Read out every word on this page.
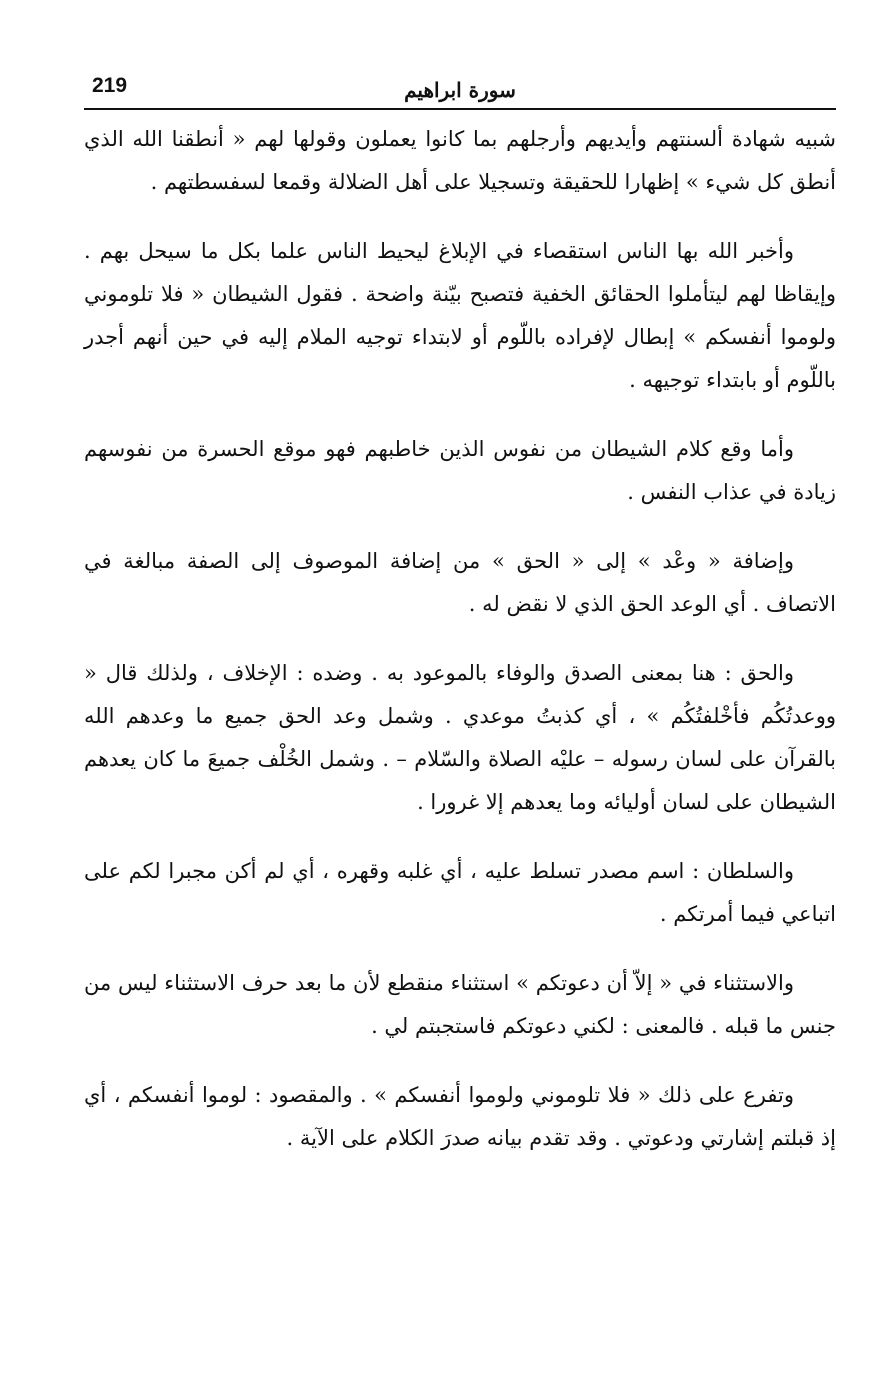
219	سورة ابراهيم

شبيه شهادة ألسنتهم وأيديهم وأرجلهم بما كانوا يعملون وقولها لهم « أنطقنا الله الذي أنطق كل شيء » إظهارا للحقيقة وتسجيلا على أهل الضلالة وقمعا لسفسطتهم .

وأخبر الله بها الناس استقصاء في الإبلاغ ليحيط الناس علما بكل ما سيحل بهم . وإيقاظا لهم ليتأملوا الحقائق الخفية فتصبح بيّنة واضحة . فقول الشيطان « فلا تلوموني ولوموا أنفسكم » إبطال لإفراده باللّوم أو لابتداء توجيه الملام إليه في حين أنهم أجدر باللّوم أو بابتداء توجيهه .

وأما وقع كلام الشيطان من نفوس الذين خاطبهم فهو موقع الحسرة من نفوسهم زيادة في عذاب النفس .

وإضافة « وعْد » إلى « الحق » من إضافة الموصوف إلى الصفة مبالغة في الاتصاف . أي الوعد الحق الذي لا نقض له .

والحق : هنا بمعنى الصدق والوفاء بالموعود به . وضده : الإخلاف ، ولذلك قال « ووعدتُكُم فأخْلفتُكُم » ، أي كذبتُ موعدي . وشمل وعد الحق جميع ما وعدهم الله بالقرآن على لسان رسوله – عليْه الصلاة والسّلام – . وشمل الخُلْف جميعَ ما كان يعدهم الشيطان على لسان أوليائه وما يعدهم إلا غرورا .

والسلطان : اسم مصدر تسلط عليه ، أي غلبه وقهره ، أي لم أكن مجبرا لكم على اتباعي فيما أمرتكم .

والاستثناء في « إلاّ أن دعوتكم » استثناء منقطع لأن ما بعد حرف الاستثناء ليس من جنس ما قبله . فالمعنى : لكني دعوتكم فاستجبتم لي .

وتفرع على ذلك « فلا تلوموني ولوموا أنفسكم » . والمقصود : لوموا أنفسكم ، أي إذ قبلتم إشارتي ودعوتي . وقد تقدم بيانه صدرَ الكلام على الآية .
